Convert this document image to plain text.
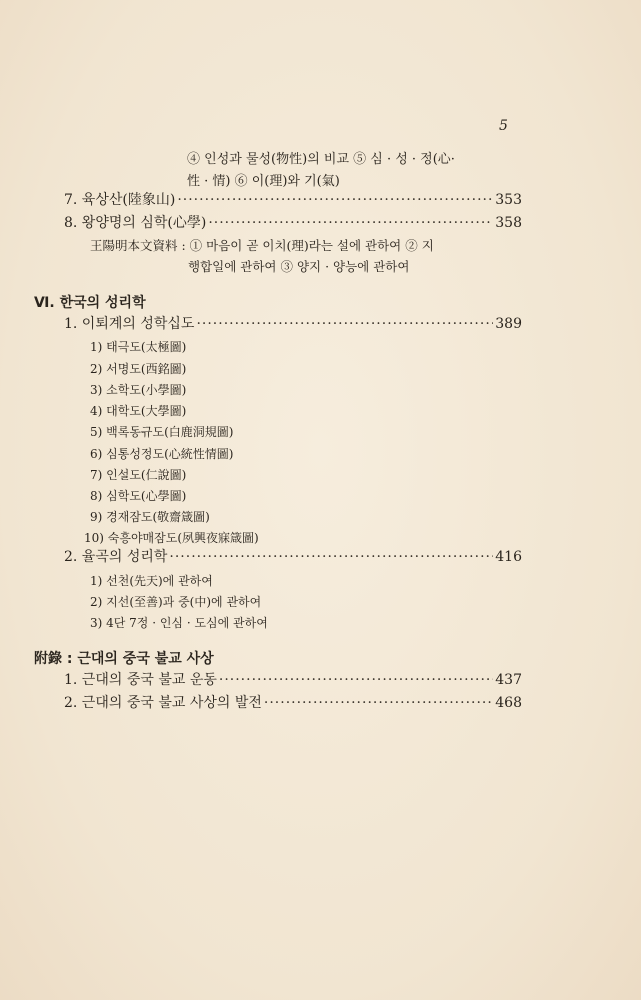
5
④ 인성과 물성(物性)의 비교 ⑤ 심 · 성 · 정(心·
性 · 情) ⑥ 이(理)와 기(氣)
7. 육상산(陸象山) ·····	353
8. 왕양명의 심학(心學) ·····	358
王陽明本文資料 : ① 마음이 곧 이치(理)라는 설에 관하여 ② 지
행합일에 관하여 ③ 양지 · 양능에 관하여
Ⅵ. 한국의 성리학
1. 이퇴계의 성학십도 ·····	389
1) 태극도(太極圖)
2) 서명도(西銘圖)
3) 소학도(小學圖)
4) 대학도(大學圖)
5) 백록동규도(白鹿洞規圖)
6) 심통성정도(心統性情圖)
7) 인설도(仁說圖)
8) 심학도(心學圖)
9) 경재잠도(敬齋箴圖)
10) 숙흥야매잠도(夙興夜寐箴圖)
2. 율곡의 성리학 ·····	416
1) 선천(先天)에 관하여
2) 지선(至善)과 중(中)에 관하여
3) 4단 7정 · 인심 · 도심에 관하여
附錄 : 근대의 중국 불교 사상
1. 근대의 중국 불교 운동 ·····	437
2. 근대의 중국 불교 사상의 발전 ·····	468
